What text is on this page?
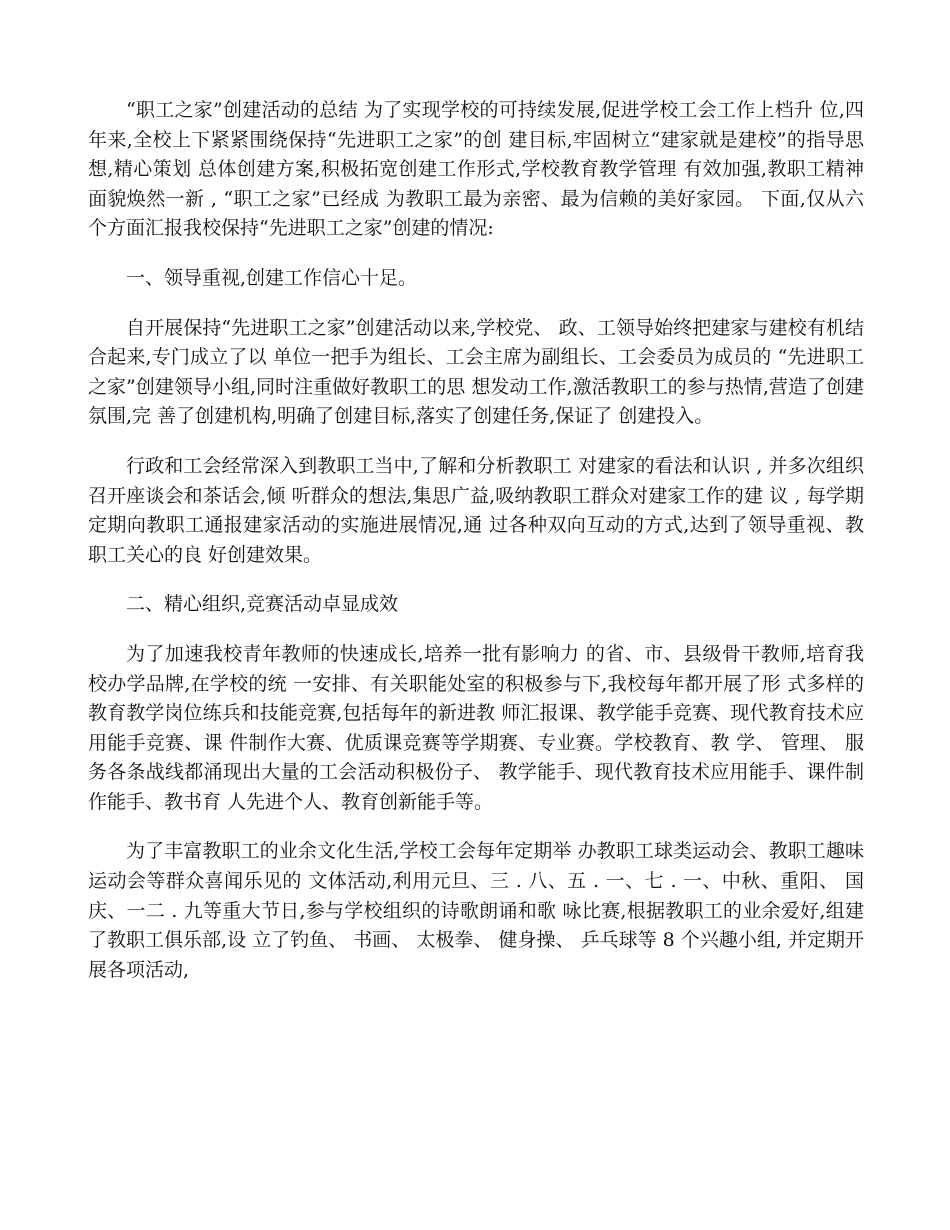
“职工之家”创建活动的总结 为了实现学校的可持续发展,促进学校工会工作上档升 位,四年来,全校上下紧紧围绕保持“先进职工之家”的创 建目标,牢固树立“建家就是建校”的指导思想,精心策划 总体创建方案,积极拓宽创建工作形式,学校教育教学管理 有效加强,教职工精神面貌焕然一新 , “职工之家”已经成 为教职工最为亲密、最为信赖的美好家园。 下面,仅从六 个方面汇报我校保持“先进职工之家”创建的情况:

一、领导重视,创建工作信心十足。

自开展保持“先进职工之家”创建活动以来,学校党、 政、工领导始终把建家与建校有机结合起来,专门成立了以 单位一把手为组长、工会主席为副组长、工会委员为成员的 “先进职工之家”创建领导小组,同时注重做好教职工的思 想发动工作,激活教职工的参与热情,营造了创建氛围,完 善了创建机构,明确了创建目标,落实了创建任务,保证了 创建投入。

行政和工会经常深入到教职工当中,了解和分析教职工 对建家的看法和认识 , 并多次组织召开座谈会和茶话会,倾 听群众的想法,集思广益,吸纳教职工群众对建家工作的建 议 , 每学期定期向教职工通报建家活动的实施进展情况,通 过各种双向互动的方式,达到了领导重视、教职工关心的良 好创建效果。

二、精心组织,竞赛活动卓显成效

为了加速我校青年教师的快速成长,培养一批有影响力 的省、市、县级骨干教师,培育我校办学品牌,在学校的统 一安排、有关职能处室的积极参与下,我校每年都开展了形 式多样的教育教学岗位练兵和技能竞赛,包括每年的新进教 师汇报课、教学能手竞赛、现代教育技术应用能手竞赛、课 件制作大赛、优质课竞赛等学期赛、专业赛。学校教育、教 学、 管理、 服务各条战线都涌现出大量的工会活动积极份子、 教学能手、现代教育技术应用能手、课件制作能手、教书育 人先进个人、教育创新能手等。

为了丰富教职工的业余文化生活,学校工会每年定期举 办教职工球类运动会、教职工趣味运动会等群众喜闻乐见的 文体活动,利用元旦、三 . 八、五 . 一、七 . 一、中秋、重阳、 国庆、一二 . 九等重大节日,参与学校组织的诗歌朗诵和歌 咏比赛,根据教职工的业余爱好,组建了教职工俱乐部,设 立了钓鱼、 书画、 太极拳、 健身操、 乒乓球等 8 个兴趣小组, 并定期开展各项活动,
